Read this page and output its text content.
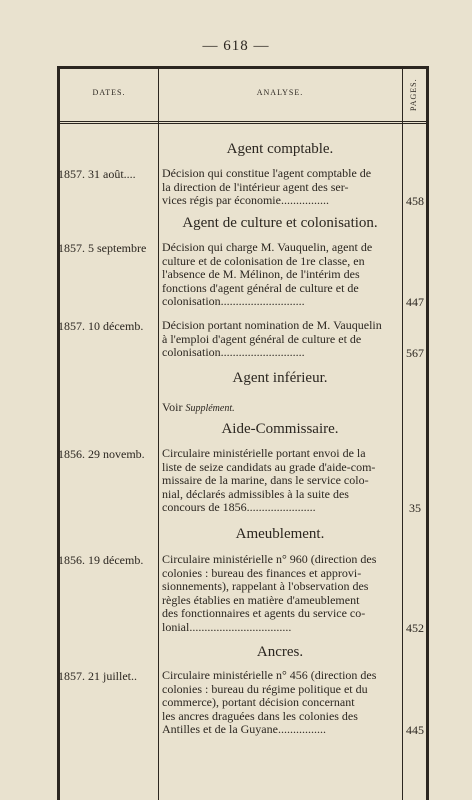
— 618 —
DATES.	ANALYSE.	PAGES.
Agent comptable.
1857. 31 août....	Décision qui constitue l'agent comptable de
la direction de l'intérieur agent des ser-
vices régis par économie................	458
Agent de culture et colonisation.
1857. 5 septembre	Décision qui charge M. Vauquelin, agent de
culture et de colonisation de 1re classe, en
l'absence de M. Mélinon, de l'intérim des
fonctions d'agent général de culture et de
colonisation............................	447
1857. 10 décemb.	Décision portant nomination de M. Vauquelin
à l'emploi d'agent général de culture et de
colonisation............................	567
Agent inférieur.
Voir Supplément.
Aide-Commissaire.
1856. 29 novemb.	Circulaire ministérielle portant envoi de la
liste de seize candidats au grade d'aide-com-
missaire de la marine, dans le service colo-
nial, déclarés admissibles à la suite des
concours de 1856.......................	35
Ameublement.
1856. 19 décemb.	Circulaire ministérielle n° 960 (direction des
colonies : bureau des finances et approvi-
sionnements), rappelant à l'observation des
règles établies en matière d'ameublement
des fonctionnaires et agents du service co-
lonial..................................	452
Ancres.
1857. 21 juillet..	Circulaire ministérielle n° 456 (direction des
colonies : bureau du régime politique et du
commerce), portant décision concernant
les ancres draguées dans les colonies des
Antilles et de la Guyane................	445
